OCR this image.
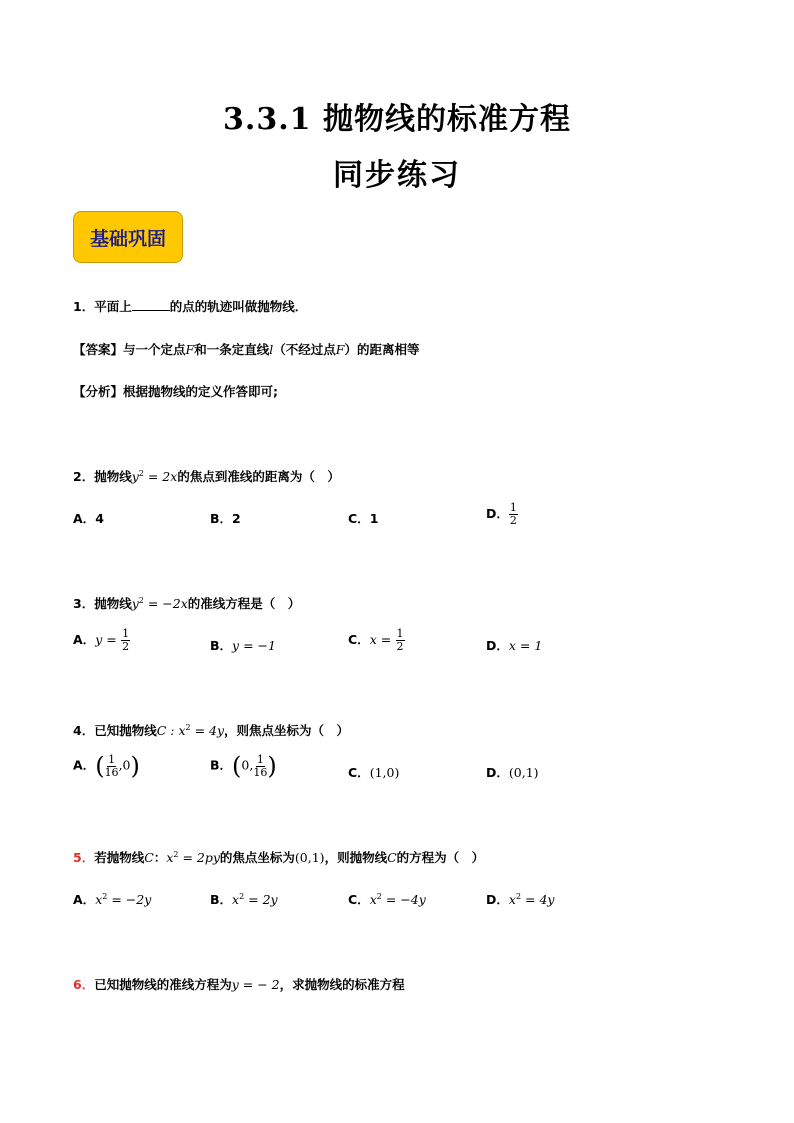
3.3.1 抛物线的标准方程
同步练习
基础巩固
1．平面上	的点的轨迹叫做抛物线．
【答案】与一个定点F和一条定直线l（不经过点F）的距离相等
【分析】根据抛物线的定义作答即可;
2．抛物线$y^2 = 2x$的焦点到准线的距离为（　）
A．4	B．2	C．1	D． $\frac{1}{2}$
3．抛物线$y^2 = -2x$的准线方程是（　）
A．$y = \frac{1}{2}$	B．y = −1	C．$x = \frac{1}{2}$	D．x = 1
4．已知抛物线C : $x^2 = 4y$，则焦点坐标为（　）
A．( $\frac{1}{16} ,0$)	B．(0, $\frac{1}{16}$ )	C．(1,0)	D．(0,1)
5．若抛物线C：$x^2 = 2py$的焦点坐标为(0,1)，则抛物线C的方程为（　）
A．$x^2 = -2y$	B．$x^2 = 2y$	C．$x^2 = -4y$	D．$x^2 = 4y$
6．已知抛物线的准线方程为y = − 2，求抛物线的标准方程
